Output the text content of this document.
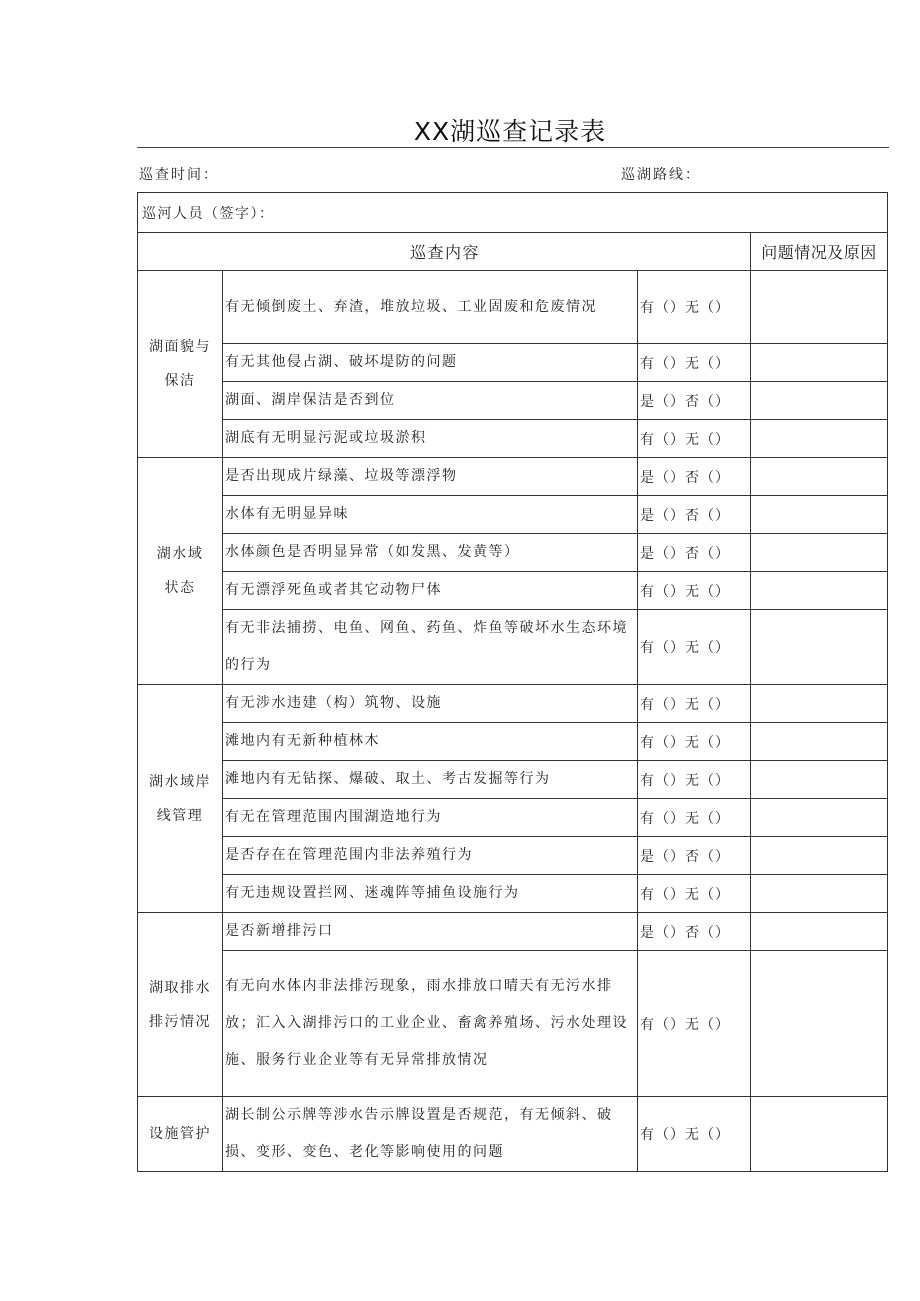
XX湖巡查记录表
巡查时间：	巡湖路线：
巡河人员（签字）：			
巡查内容			问题情况及原因
湖面貌与保洁	有无倾倒废土、弃渣，堆放垃圾、工业固废和危废情况	有（）无（）	
	有无其他侵占湖、破坏堤防的问题	有（）无（）	
	湖面、湖岸保洁是否到位	是（）否（）	
	湖底有无明显污泥或垃圾淤积	有（）无（）	
湖水域状态	是否出现成片绿藻、垃圾等漂浮物	是（）否（）	
	水体有无明显异味	是（）否（）	
	水体颜色是否明显异常（如发黑、发黄等）	是（）否（）	
	有无漂浮死鱼或者其它动物尸体	有（）无（）	
	有无非法捕捞、电鱼、网鱼、药鱼、炸鱼等破坏水生态环境的行为	有（）无（）	
湖水域岸线管理	有无涉水违建（构）筑物、设施	有（）无（）	
	滩地内有无新种植林木	有（）无（）	
	滩地内有无钻探、爆破、取土、考古发掘等行为	有（）无（）	
	有无在管理范围内围湖造地行为	有（）无（）	
	是否存在在管理范围内非法养殖行为	是（）否（）	
	有无违规设置拦网、迷魂阵等捕鱼设施行为	有（）无（）	
湖取排水排污情况	是否新增排污口	是（）否（）	
	有无向水体内非法排污现象，雨水排放口晴天有无污水排放；汇入入湖排污口的工业企业、畜禽养殖场、污水处理设施、服务行业企业等有无异常排放情况	有（）无（）	
设施管护	湖长制公示牌等涉水告示牌设置是否规范，有无倾斜、破损、变形、变色、老化等影响使用的问题	有（）无（）	
